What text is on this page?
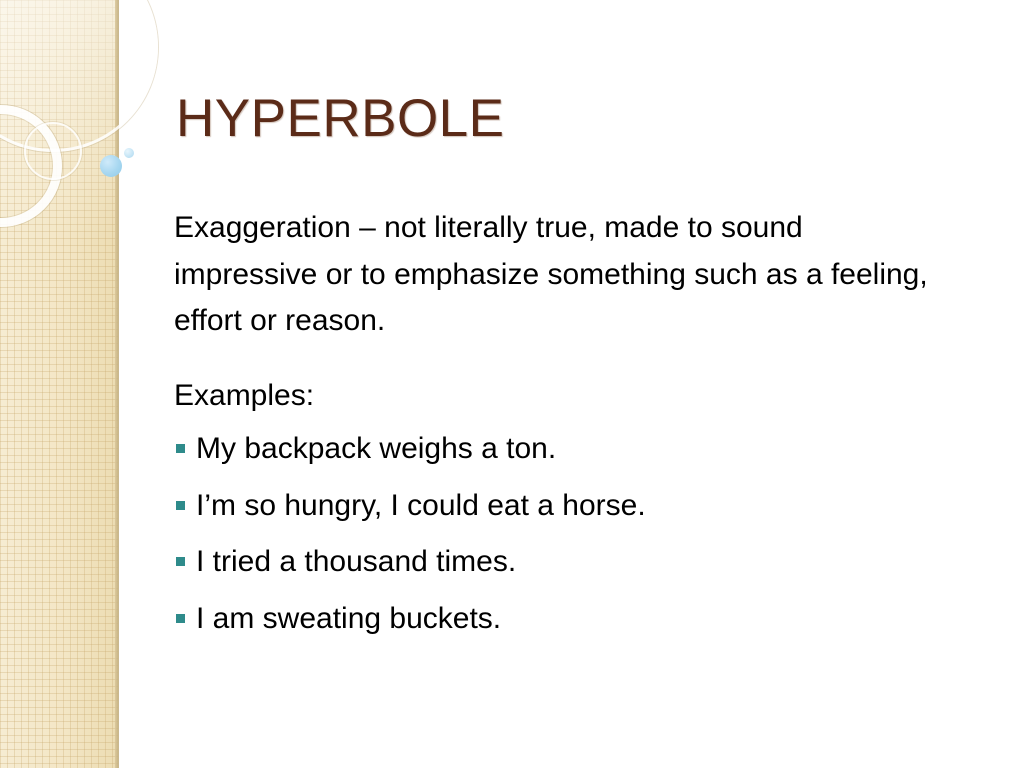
HYPERBOLE

Exaggeration – not literally true, made to sound impressive or to emphasize something such as a feeling, effort or reason.

Examples:

My backpack weighs a ton.
I’m so hungry, I could eat a horse.
I tried a thousand times.
I am sweating buckets.
